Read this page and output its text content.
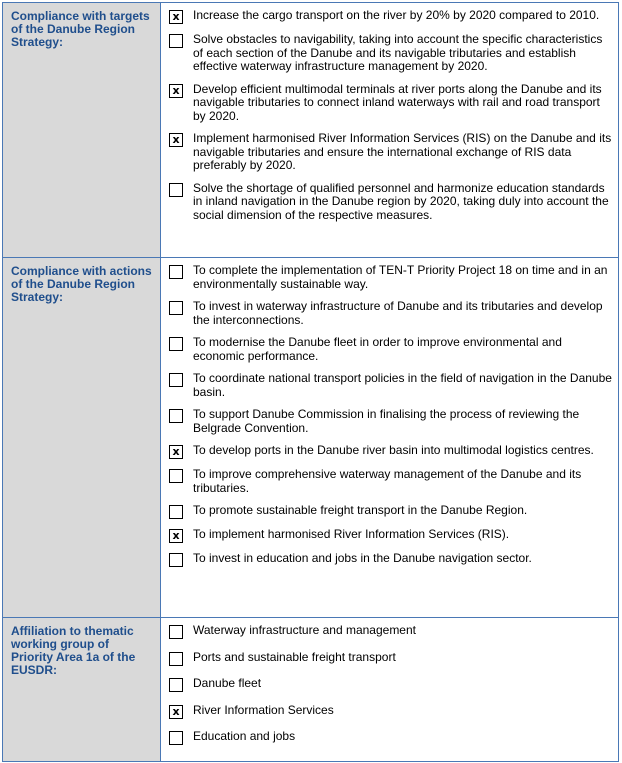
Compliance with targets of the Danube Region Strategy:	
x Increase the cargo transport on the river by 20% by 2020 compared to 2010.
Solve obstacles to navigability, taking into account the specific characteristics of each section of the Danube and its navigable tributaries and establish effective waterway infrastructure management by 2020.
x Develop efficient multimodal terminals at river ports along the Danube and its navigable tributaries to connect inland waterways with rail and road transport by 2020.
x Implement harmonised River Information Services (RIS) on the Danube and its navigable tributaries and ensure the international exchange of RIS data preferably by 2020.
Solve the shortage of qualified personnel and harmonize education standards in inland navigation in the Danube region by 2020, taking duly into account the social dimension of the respective measures.

Compliance with actions of the Danube Region Strategy:	
To complete the implementation of TEN-T Priority Project 18 on time and in an environmentally sustainable way.
To invest in waterway infrastructure of Danube and its tributaries and develop the interconnections.
To modernise the Danube fleet in order to improve environmental and economic performance.
To coordinate national transport policies in the field of navigation in the Danube basin.
To support Danube Commission in finalising the process of reviewing the Belgrade Convention.
x To develop ports in the Danube river basin into multimodal logistics centres.
To improve comprehensive waterway management of the Danube and its tributaries.
To promote sustainable freight transport in the Danube Region.
x To implement harmonised River Information Services (RIS).
To invest in education and jobs in the Danube navigation sector.

Affiliation to thematic working group of Priority Area 1a of the EUSDR:	
Waterway infrastructure and management
Ports and sustainable freight transport
Danube fleet
x River Information Services
Education and jobs
